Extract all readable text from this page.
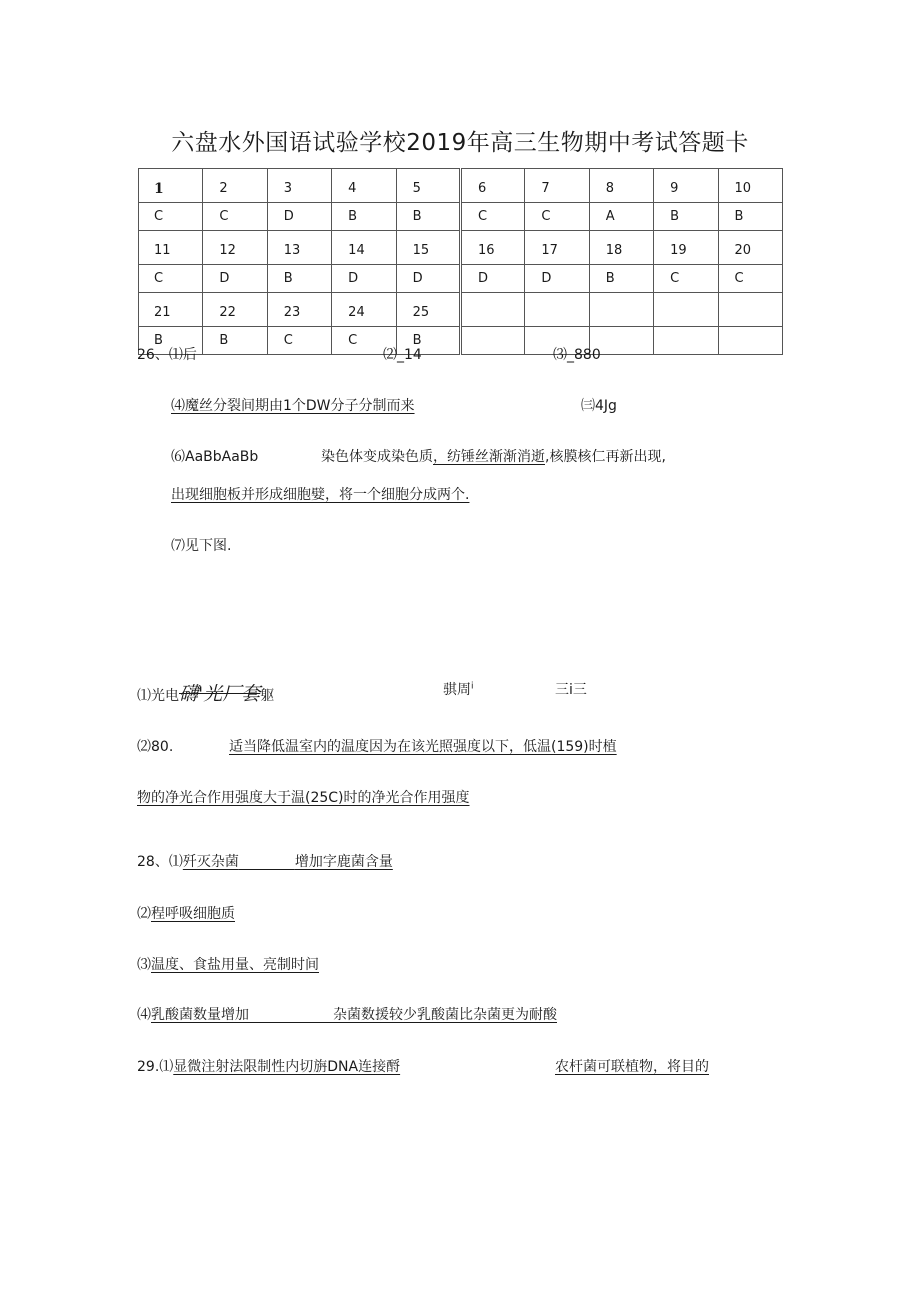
六盘水外国语试验学校2019年高三生物期中考试答题卡
1	2	3	4	5	6	7	8	9	10
C	C	D	B	B	C	C	A	B	B
11	12	13	14	15	16	17	18	19	20
C	D	B	D	D	D	D	B	C	C
21	22	23	24	25					
B	B	C	C	B					
26、⑴后	⑵_14	⑶_880
⑷魔丝分裂间期由1个DW分子分制而来	㈢4Jg
⑹AaBbAaBb	染色体变成染色质，纺锤丝渐渐消逝,核膜核仁再新出现,
出现细胞板并形成细胞嬖，将一个细胞分成两个.
⑺见下图.
⑴光电礴'光厂套躯	骐周$^i$	三i三
⑵80.	适当降低温室内的温度因为在该光照强度以下，低温(159)时植
物的净光合作用强度大于温(25C)时的净光合作用强度
28、⑴歼灭杂菌　　　　	增加字鹿菌含量
⑵程呼吸细胞质
⑶温度、食盐用量、亮制时间
⑷乳酸菌数量增加　　　　　　	杂菌数援较少乳酸菌比杂菌更为耐酸
29.⑴显微注射法限制性内切旃DNA连接酹	农杆菌可联植物，将目的
